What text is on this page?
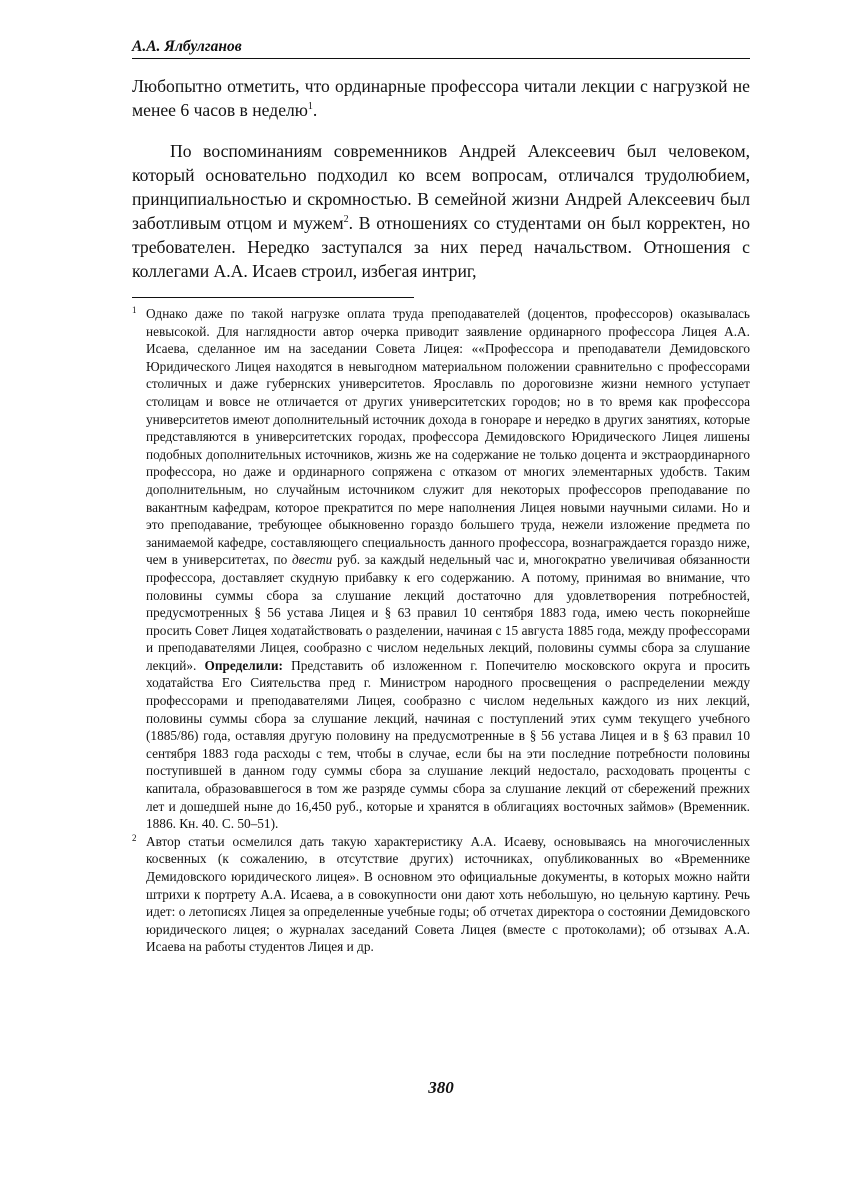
А.А. Ялбулганов

Любопытно отметить, что ординарные профессора читали лекции с нагрузкой не менее 6 часов в неделю$^1$.

По воспоминаниям современников Андрей Алексеевич был человеком, который основательно подходил ко всем вопросам, отличался трудолюбием, принципиальностью и скромностью. В семейной жизни Андрей Алексеевич был заботливым отцом и мужем$^2$. В отношениях со студентами он был корректен, но требователен. Нередко заступался за них перед начальством. Отношения с коллегами А.А. Исаев строил, избегая интриг,

1 Однако даже по такой нагрузке оплата труда преподавателей (доцентов, профессоров) оказывалась невысокой. Для наглядности автор очерка приводит заявление ординарного профессора Лицея А.А. Исаева, сделанное им на заседании Совета Лицея: ««Профессора и преподаватели Демидовского Юридического Лицея находятся в невыгодном материальном положении сравнительно с профессорами столичных и даже губернских университетов. Ярославль по дороговизне жизни немного уступает столицам и вовсе не отличается от других университетских городов; но в то время как профессора университетов имеют дополнительный источник дохода в гонораре и нередко в других занятиях, которые представляются в университетских городах, профессора Демидовского Юридического Лицея лишены подобных дополнительных источников, жизнь же на содержание не только доцента и экстраординарного профессора, но даже и ординарного сопряжена с отказом от многих элементарных удобств. Таким дополнительным, но случайным источником служит для некоторых профессоров преподавание по вакантным кафедрам, которое прекратится по мере наполнения Лицея новыми научными силами. Но и это преподавание, требующее обыкновенно гораздо большего труда, нежели изложение предмета по занимаемой кафедре, составляющего специальность данного профессора, вознаграждается гораздо ниже, чем в университетах, по двести руб. за каждый недельный час и, многократно увеличивая обязанности профессора, доставляет скудную прибавку к его содержанию. А потому, принимая во внимание, что половины суммы сбора за слушание лекций достаточно для удовлетворения потребностей, предусмотренных § 56 устава Лицея и § 63 правил 10 сентября 1883 года, имею честь покорнейше просить Совет Лицея ходатайствовать о разделении, начиная с 15 августа 1885 года, между профессорами и преподавателями Лицея, сообразно с числом недельных лекций, половины суммы сбора за слушание лекций». Определили: Представить об изложенном г. Попечителю московского округа и просить ходатайства Его Сиятельства пред г. Министром народного просвещения о распределении между профессорами и преподавателями Лицея, сообразно с числом недельных каждого из них лекций, половины суммы сбора за слушание лекций, начиная с поступлений этих сумм текущего учебного (1885/86) года, оставляя другую половину на предусмотренные в § 56 устава Лицея и в § 63 правил 10 сентября 1883 года расходы с тем, чтобы в случае, если бы на эти последние потребности половины поступившей в данном году суммы сбора за слушание лекций недостало, расходовать проценты с капитала, образовавшегося в том же разряде суммы сбора за слушание лекций от сбережений прежних лет и дошедшей ныне до 16,450 руб., которые и хранятся в облигациях восточных займов» (Временник. 1886. Кн. 40. С. 50–51).

2 Автор статьи осмелился дать такую характеристику А.А. Исаеву, основываясь на многочисленных косвенных (к сожалению, в отсутствие других) источниках, опубликованных во «Временнике Демидовского юридического лицея». В основном это официальные документы, в которых можно найти штрихи к портрету А.А. Исаева, а в совокупности они дают хоть небольшую, но цельную картину. Речь идет: о летописях Лицея за определенные учебные годы; об отчетах директора о состоянии Демидовского юридического лицея; о журналах заседаний Совета Лицея (вместе с протоколами); об отзывах А.А. Исаева на работы студентов Лицея и др.

380
